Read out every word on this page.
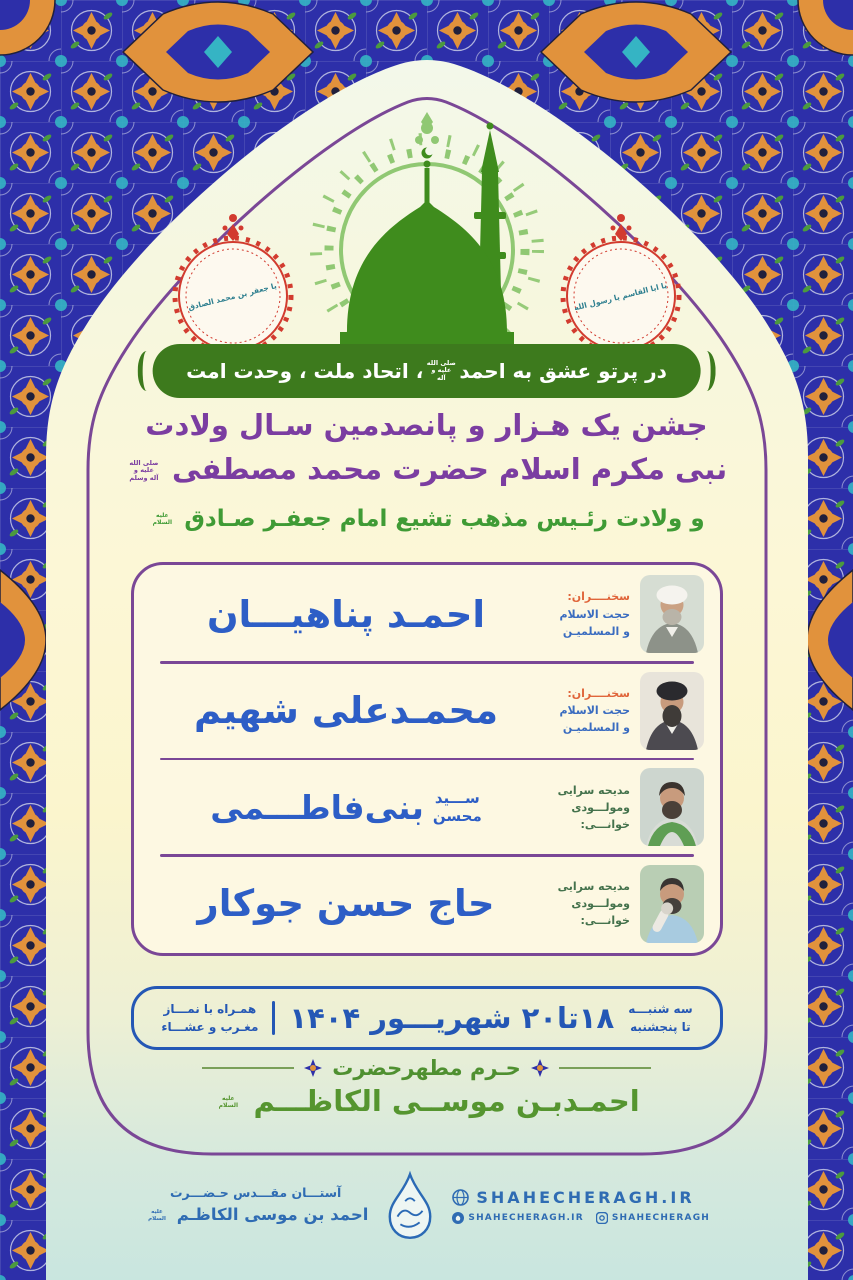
یا جعفر بن محمد الصادق	یا ابا القاسم یا رسول الله
در پرتو عشق به احمد
صلی الله علیه و آله
، اتحاد ملت ، وحدت امت
جشن یک هـزار و پانصدمین سـال ولادت
نبی مکرم اسلام حضرت محمد مصطفی صلی الله علیه و آله وسلم
و ولادت رئـیس مذهب تشیع امام جعفـر صـادق علیه السلام
سخنــــران:
حجت الاسلام
و المسلمیـن
احمـد پناهیـــان
سخنــــران:
حجت الاسلام
و المسلمیـن
محمـدعلی شهیم
مدیحه سرایی
ومولـــودی
خوانـــی:
ســـید
محسن
بنی‌فاطـــمی
مدیحه سرایی
ومولـــودی
خوانـــی:
حاج حسن جوکار
سه شنبـــه
تا پنجشنبه
۱۸تا۲۰ شهریـــور ۱۴۰۴
همـراه با نمـــاز
مغـرب و عشـــاء
حـرم مطهرحضرت
احمـدبـن موســی الکاظـــم علیه السلام
آستـــان مقـــدس حـضـــرت
احمد بن موسی الکاظـم علیه السلام
SHAHECHERAGH.IR
SHAHECHERAGH.IR	SHAHECHERAGH
